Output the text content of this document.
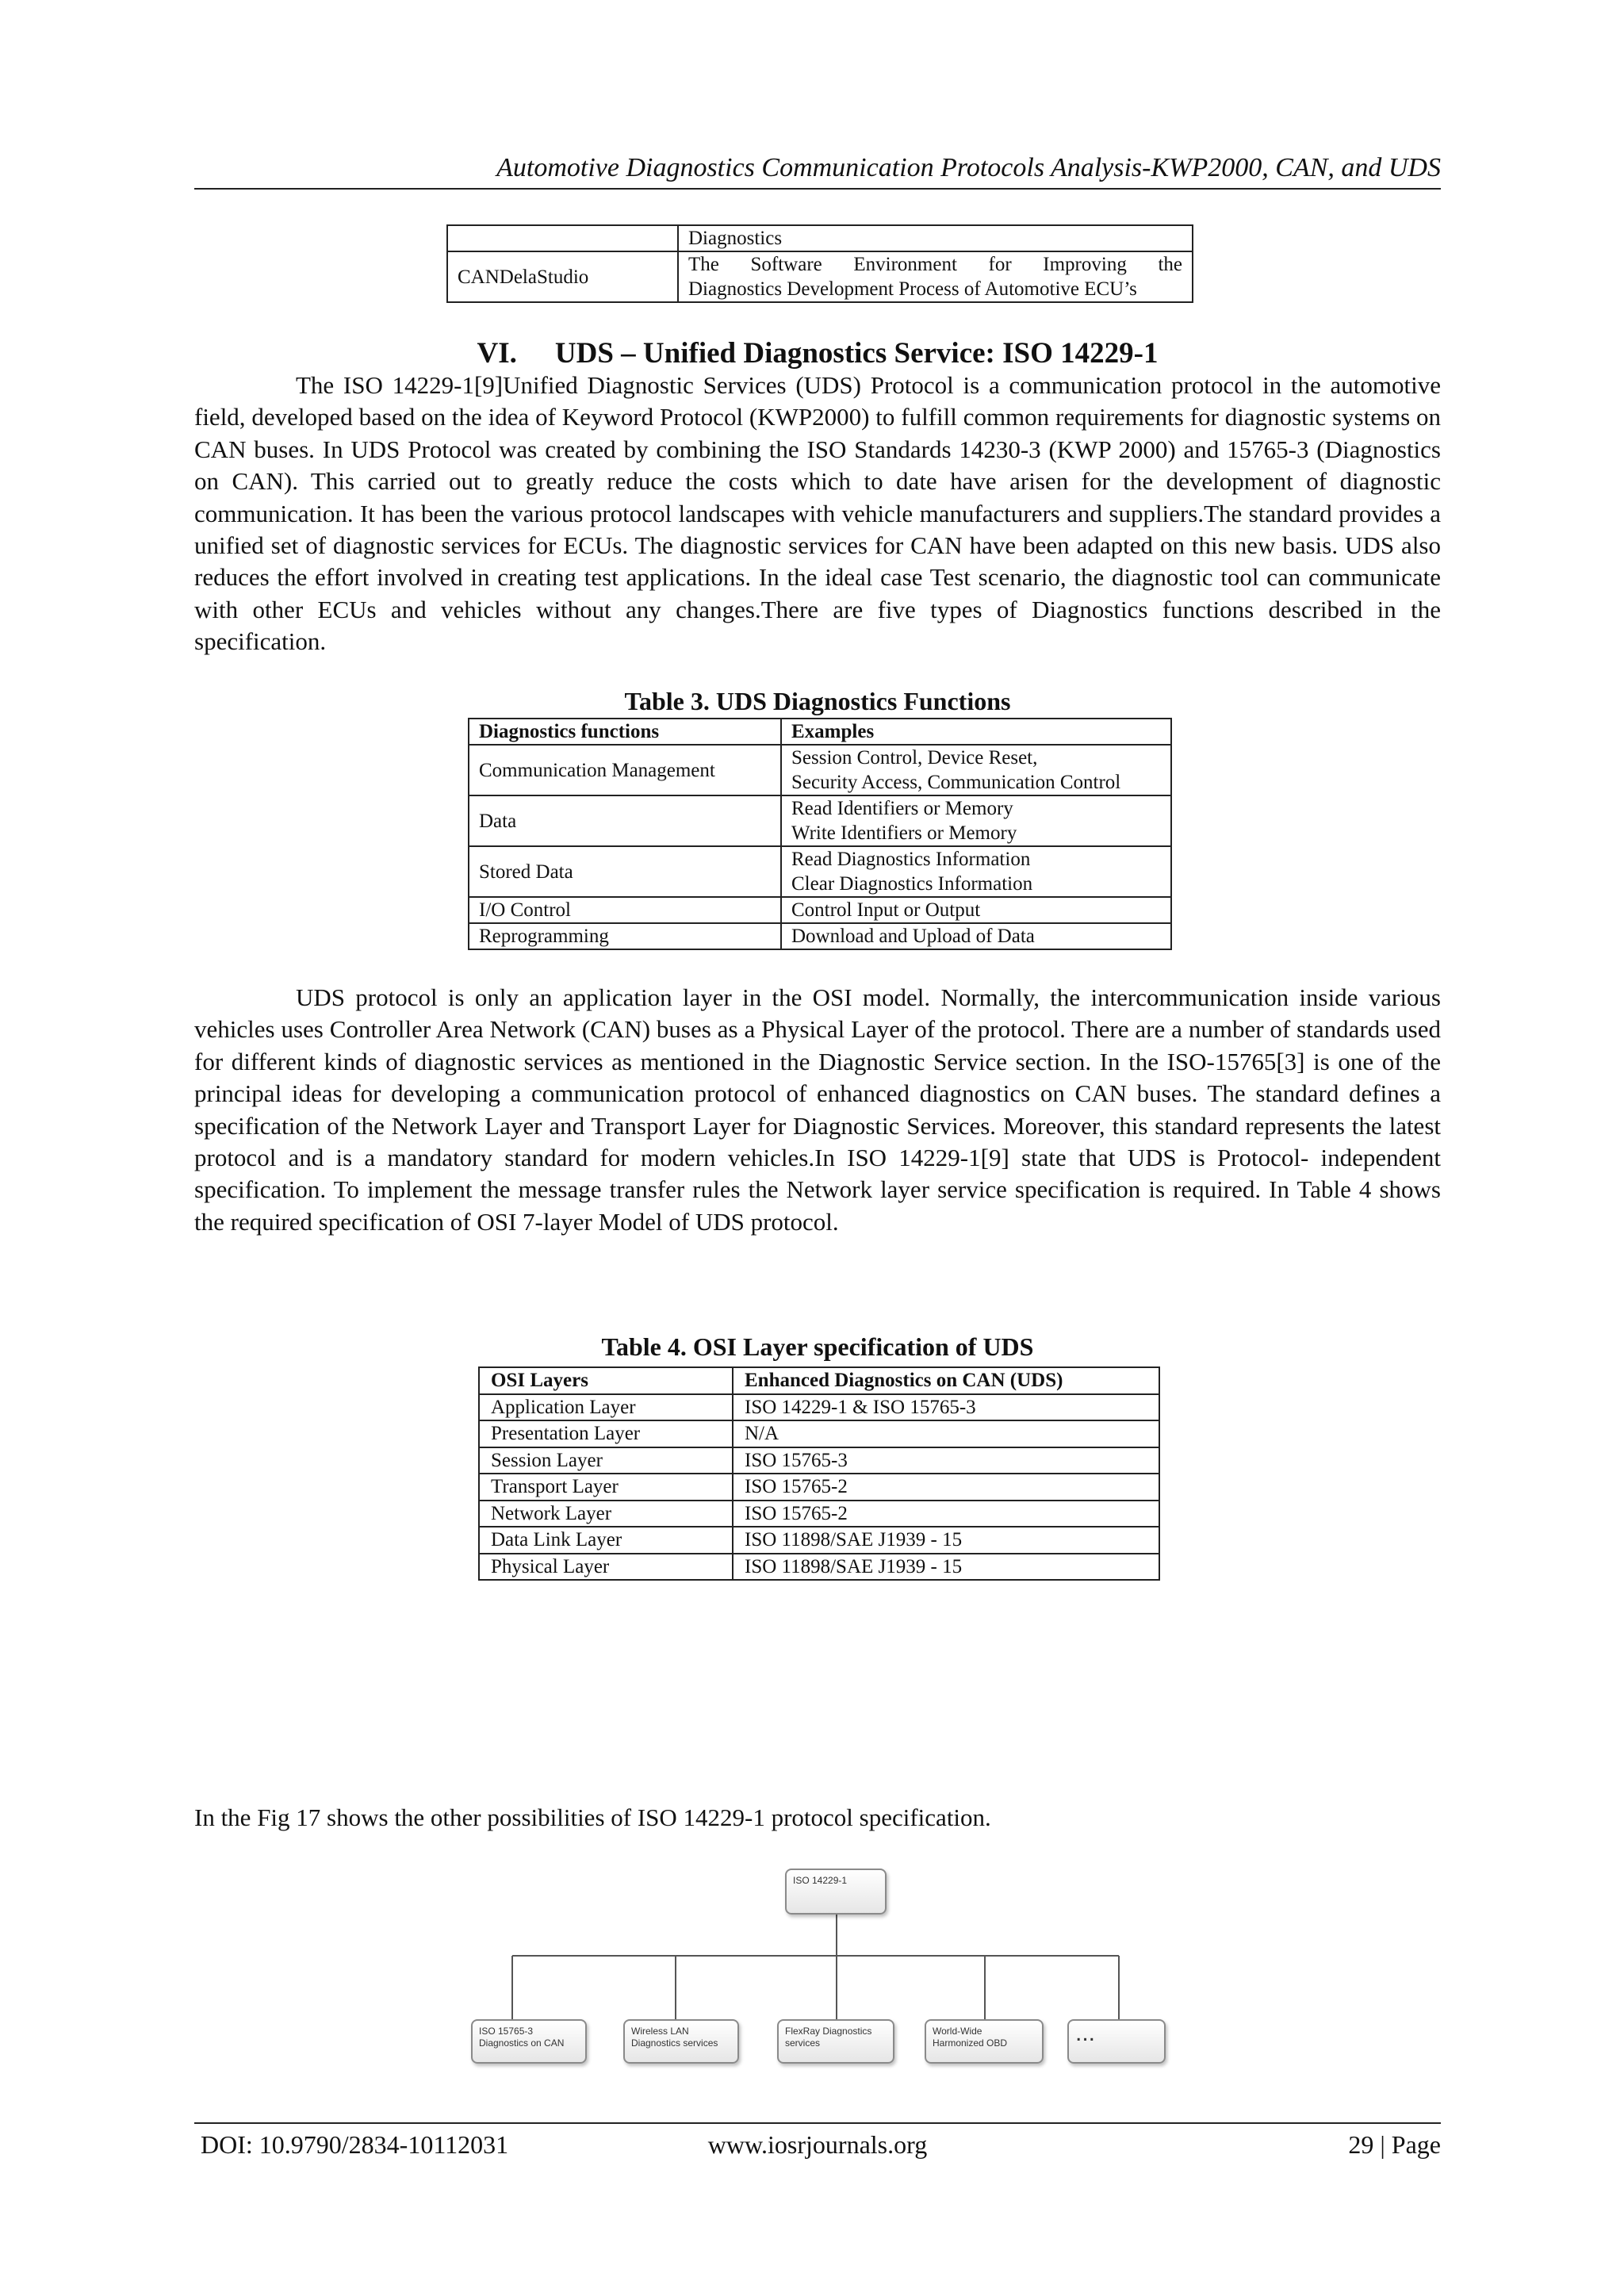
Automotive Diagnostics Communication Protocols Analysis-KWP2000, CAN, and UDS
	Diagnostics
CANDelaStudio	The Software Environment for Improving the
Diagnostics Development Process of Automotive ECU’s
VI. UDS – Unified Diagnostics Service: ISO 14229-1

The ISO 14229-1[9]Unified Diagnostic Services (UDS) Protocol is a communication protocol in the automotive field, developed based on the idea of Keyword Protocol (KWP2000) to fulfill common requirements for diagnostic systems on CAN buses. In UDS Protocol was created by combining the ISO Standards 14230-3 (KWP 2000) and 15765-3 (Diagnostics on CAN). This carried out to greatly reduce the costs which to date have arisen for the development of diagnostic communication. It has been the various protocol landscapes with vehicle manufacturers and suppliers.The standard provides a unified set of diagnostic services for ECUs. The diagnostic services for CAN have been adapted on this new basis. UDS also reduces the effort involved in creating test applications. In the ideal case Test scenario, the diagnostic tool can communicate with other ECUs and vehicles without any changes.There are five types of Diagnostics functions described in the specification.

Table 3. UDS Diagnostics Functions
Diagnostics functions	Examples
Communication Management	Session Control, Device Reset,
Security Access, Communication Control

Data	Read Identifiers or Memory
Write Identifiers or Memory

Stored Data	Read Diagnostics Information
Clear Diagnostics Information

I/O Control	Control Input or Output
Reprogramming	Download and Upload of Data

UDS protocol is only an application layer in the OSI model. Normally, the intercommunication inside various vehicles uses Controller Area Network (CAN) buses as a Physical Layer of the protocol. There are a number of standards used for different kinds of diagnostic services as mentioned in the Diagnostic Service section. In the ISO-15765[3] is one of the principal ideas for developing a communication protocol of enhanced diagnostics on CAN buses. The standard defines a specification of the Network Layer and Transport Layer for Diagnostic Services. Moreover, this standard represents the latest protocol and is a mandatory standard for modern vehicles.In ISO 14229-1[9] state that UDS is Protocol- independent specification. To implement the message transfer rules the Network layer service specification is required. In Table 4 shows the required specification of OSI 7-layer Model of UDS protocol.

Table 4. OSI Layer specification of UDS
OSI Layers	Enhanced Diagnostics on CAN (UDS)
Application Layer	ISO 14229-1 & ISO 15765-3
Presentation Layer	N/A
Session Layer	ISO 15765-3
Transport Layer	ISO 15765-2
Network Layer	ISO 15765-2
Data Link Layer	ISO 11898/SAE J1939 - 15
Physical Layer	ISO 11898/SAE J1939 - 15

In the Fig 17 shows the other possibilities of ISO 14229-1 protocol specification.

ISO 14229-1
ISO 15765-3
Diagnostics on CAN
Wireless LAN
Diagnostics services
FlexRay Diagnostics
services
World-Wide
Harmonized OBD	...
DOI: 10.9790/2834-10112031	www.iosrjournals.org	29 | Page
